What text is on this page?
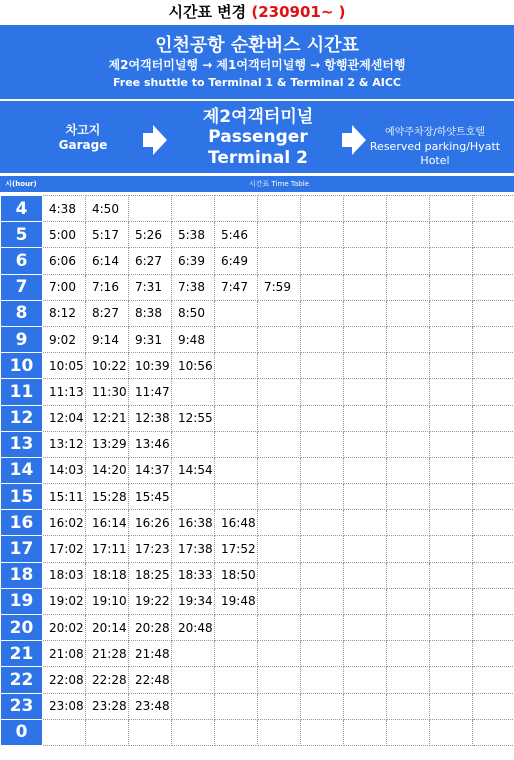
시간표 변경 (230901~ )
인천공항 순환버스 시간표
제2여객터미널행 → 제1여객터미널행 → 항행관제센터행
Free shuttle to Terminal 1 & Terminal 2 & AICC
차고지
Garage
제2여객터미널
Passenger
Terminal 2
예약주차장/하얏트호텔
Reserved parking/Hyatt Hotel
시(hour)	시간표 Time Table
4	4:38	4:50									
5	5:00	5:17	5:26	5:38	5:46						
6	6:06	6:14	6:27	6:39	6:49						
7	7:00	7:16	7:31	7:38	7:47	7:59					
8	8:12	8:27	8:38	8:50							
9	9:02	9:14	9:31	9:48							
10	10:05	10:22	10:39	10:56							
11	11:13	11:30	11:47								
12	12:04	12:21	12:38	12:55							
13	13:12	13:29	13:46								
14	14:03	14:20	14:37	14:54							
15	15:11	15:28	15:45								
16	16:02	16:14	16:26	16:38	16:48						
17	17:02	17:11	17:23	17:38	17:52						
18	18:03	18:18	18:25	18:33	18:50						
19	19:02	19:10	19:22	19:34	19:48						
20	20:02	20:14	20:28	20:48							
21	21:08	21:28	21:48								
22	22:08	22:28	22:48								
23	23:08	23:28	23:48								
0											
